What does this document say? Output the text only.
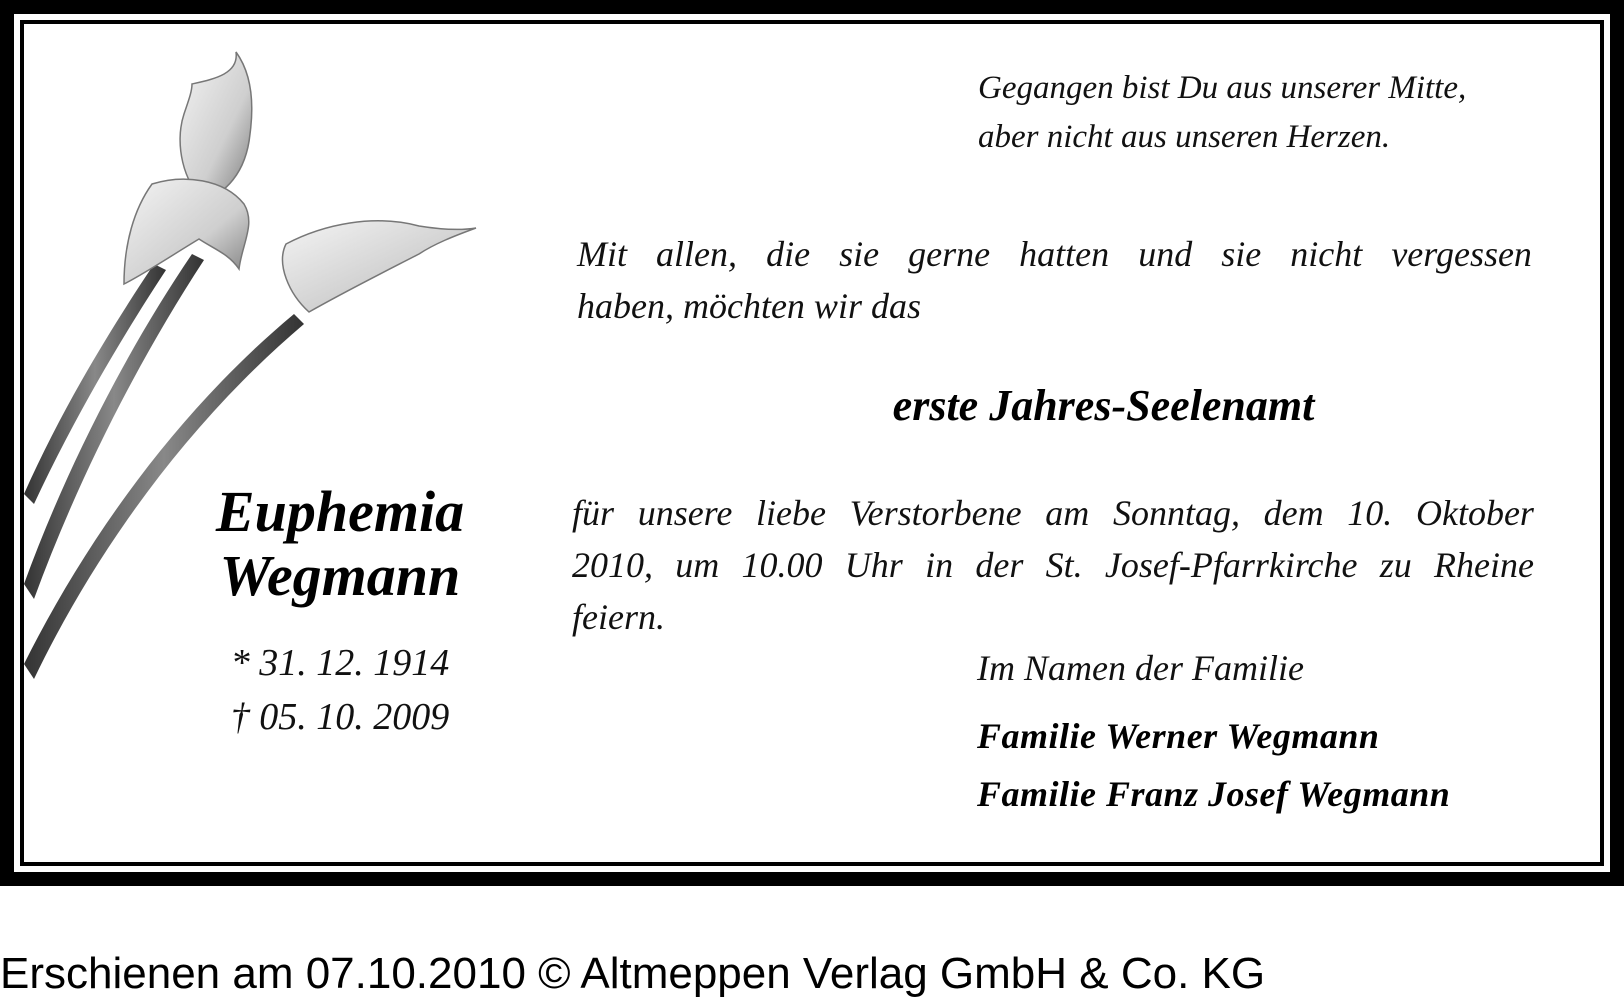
Gegangen bist Du aus unserer Mitte,
aber nicht aus unseren Herzen.
Mit allen, die sie gerne hatten und sie nicht vergessen
haben, möchten wir das
erste Jahres-Seelenamt
für unsere liebe Verstorbene am Sonntag, dem 10. Oktober
2010, um 10.00 Uhr in der St. Josef-Pfarrkirche zu Rheine
feiern.
Euphemia
Wegmann
* 31. 12. 1914
† 05. 10. 2009
Im Namen der Familie
Familie Werner Wegmann
Familie Franz Josef Wegmann
Erschienen am 07.10.2010 © Altmeppen Verlag GmbH & Co. KG
